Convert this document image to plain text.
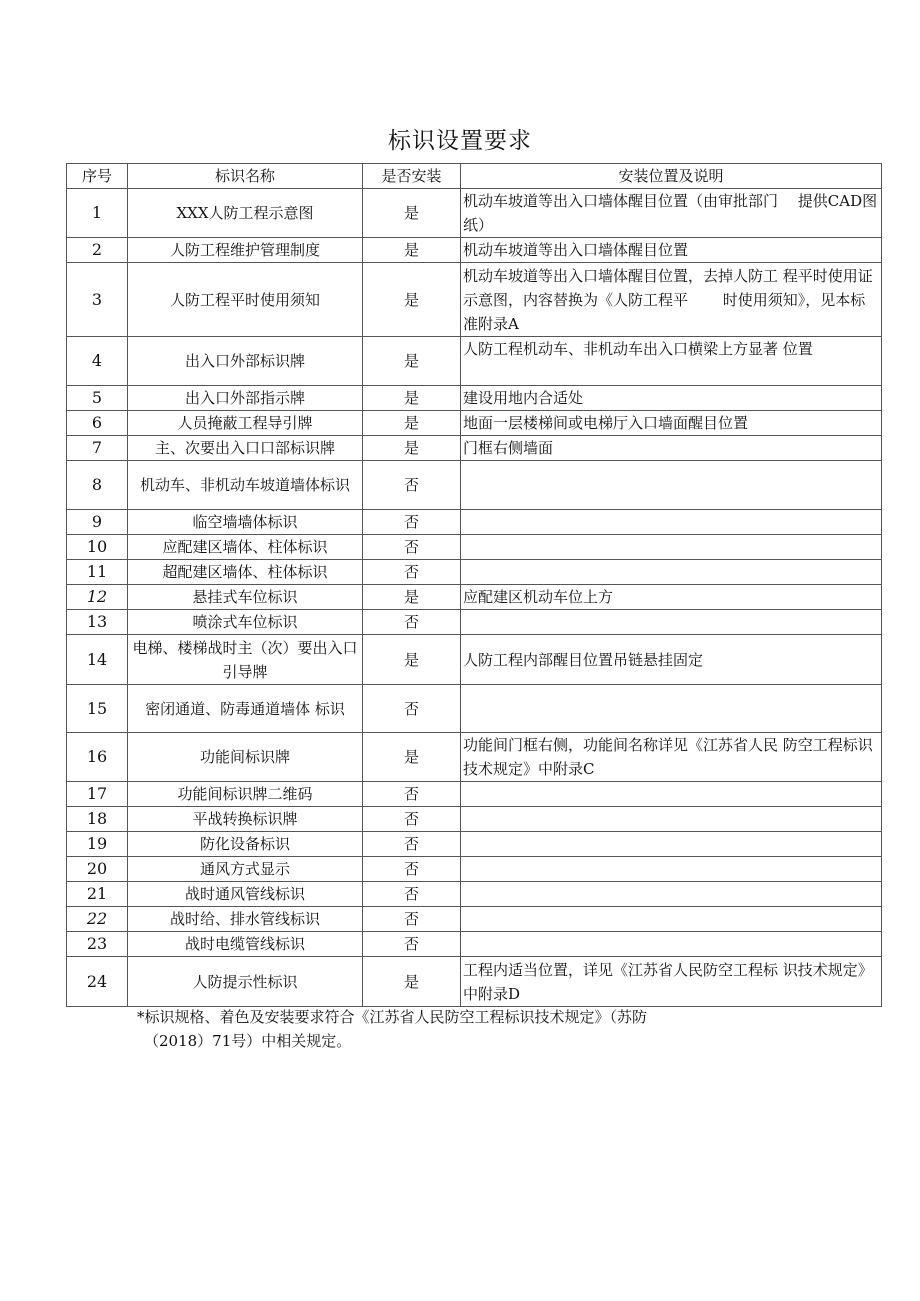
标识设置要求
序号	标识名称	是否安装	安装位置及说明
1	XXX人防工程示意图	是	机动车坡道等出入口墙体醒目位置（由审批部门　 提供CAD图纸）
2	人防工程维护管理制度	是	机动车坡道等出入口墙体醒目位置
3	人防工程平时使用须知	是	机动车坡道等出入口墙体醒目位置，去掉人防工 程平时使用证示意图，内容替换为《人防工程平　　 时使用须知》，见本标准附录A
4	出入口外部标识牌	是	人防工程机动车、非机动车出入口横梁上方显著 位置
5	出入口外部指示牌	是	建设用地内合适处
6	人员掩蔽工程导引牌	是	地面一层楼梯间或电梯厅入口墙面醒目位置
7	主、次要出入口口部标识牌	是	门框右侧墙面
8	机动车、非机动车坡道墙体标识	否	
9	临空墙墙体标识	否	
10	应配建区墙体、柱体标识	否	
11	超配建区墙体、柱体标识	否	
12	悬挂式车位标识	是	应配建区机动车位上方
13	喷涂式车位标识	否	
14	电梯、楼梯战时主（次）要出入口引导牌	是	人防工程内部醒目位置吊链悬挂固定
15	密闭通道、防毒通道墙体 标识	否	
16	功能间标识牌	是	功能间门框右侧，功能间名称详见《江苏省人民 防空工程标识技术规定》中附录C
17	功能间标识牌二维码	否	
18	平战转换标识牌	否	
19	防化设备标识	否	
20	通风方式显示	否	
21	战时通风管线标识	否	
22	战时给、排水管线标识	否	
23	战时电缆管线标识	否	
24	人防提示性标识	是	工程内适当位置，详见《江苏省人民防空工程标 识技术规定》中附录D
*标识规格、着色及安装要求符合《江苏省人民防空工程标识技术规定》（苏防
（2018）71号）中相关规定。
